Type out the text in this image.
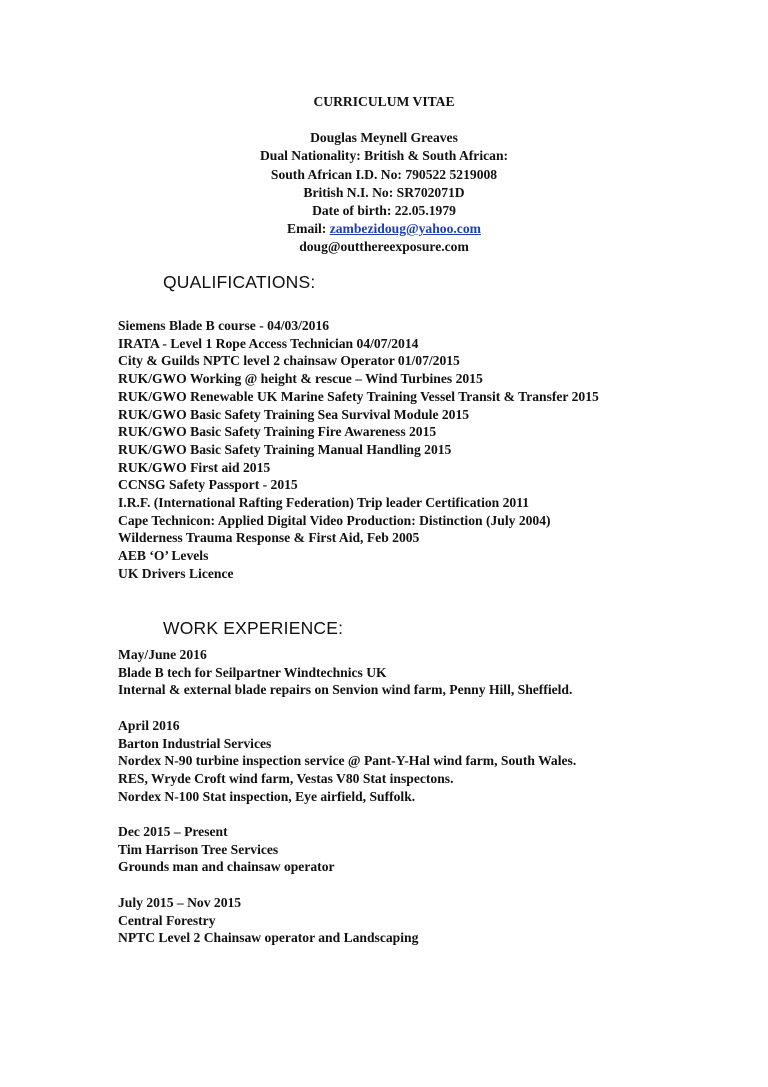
CURRICULUM VITAE
Douglas Meynell Greaves
Dual Nationality: British & South African:
South African I.D. No: 790522 5219008
British N.I. No: SR702071D
Date of birth: 22.05.1979
Email: zambezidoug@yahoo.com
doug@outthereexposure.com
QUALIFICATIONS:
Siemens Blade B course - 04/03/2016
IRATA - Level 1 Rope Access Technician 04/07/2014
City & Guilds NPTC level 2 chainsaw Operator 01/07/2015
RUK/GWO Working @ height & rescue – Wind Turbines 2015
RUK/GWO Renewable UK Marine Safety Training Vessel Transit & Transfer 2015
RUK/GWO Basic Safety Training Sea Survival Module 2015
RUK/GWO Basic Safety Training Fire Awareness 2015
RUK/GWO Basic Safety Training Manual Handling 2015
RUK/GWO First aid 2015
CCNSG Safety Passport - 2015
I.R.F. (International Rafting Federation) Trip leader Certification 2011
Cape Technicon: Applied Digital Video Production: Distinction (July 2004)
Wilderness Trauma Response & First Aid, Feb 2005
AEB ‘O’ Levels
UK Drivers Licence
WORK EXPERIENCE:
May/June 2016
Blade B tech for Seilpartner Windtechnics UK
Internal & external blade repairs on Senvion wind farm, Penny Hill, Sheffield.
April 2016
Barton Industrial Services
Nordex N-90 turbine inspection service @ Pant-Y-Hal wind farm, South Wales.
RES, Wryde Croft wind farm, Vestas V80 Stat inspectons.
Nordex N-100 Stat inspection, Eye airfield, Suffolk.
Dec 2015 – Present
Tim Harrison Tree Services
Grounds man and chainsaw operator
July 2015 – Nov 2015
Central Forestry
NPTC Level 2 Chainsaw operator and Landscaping
